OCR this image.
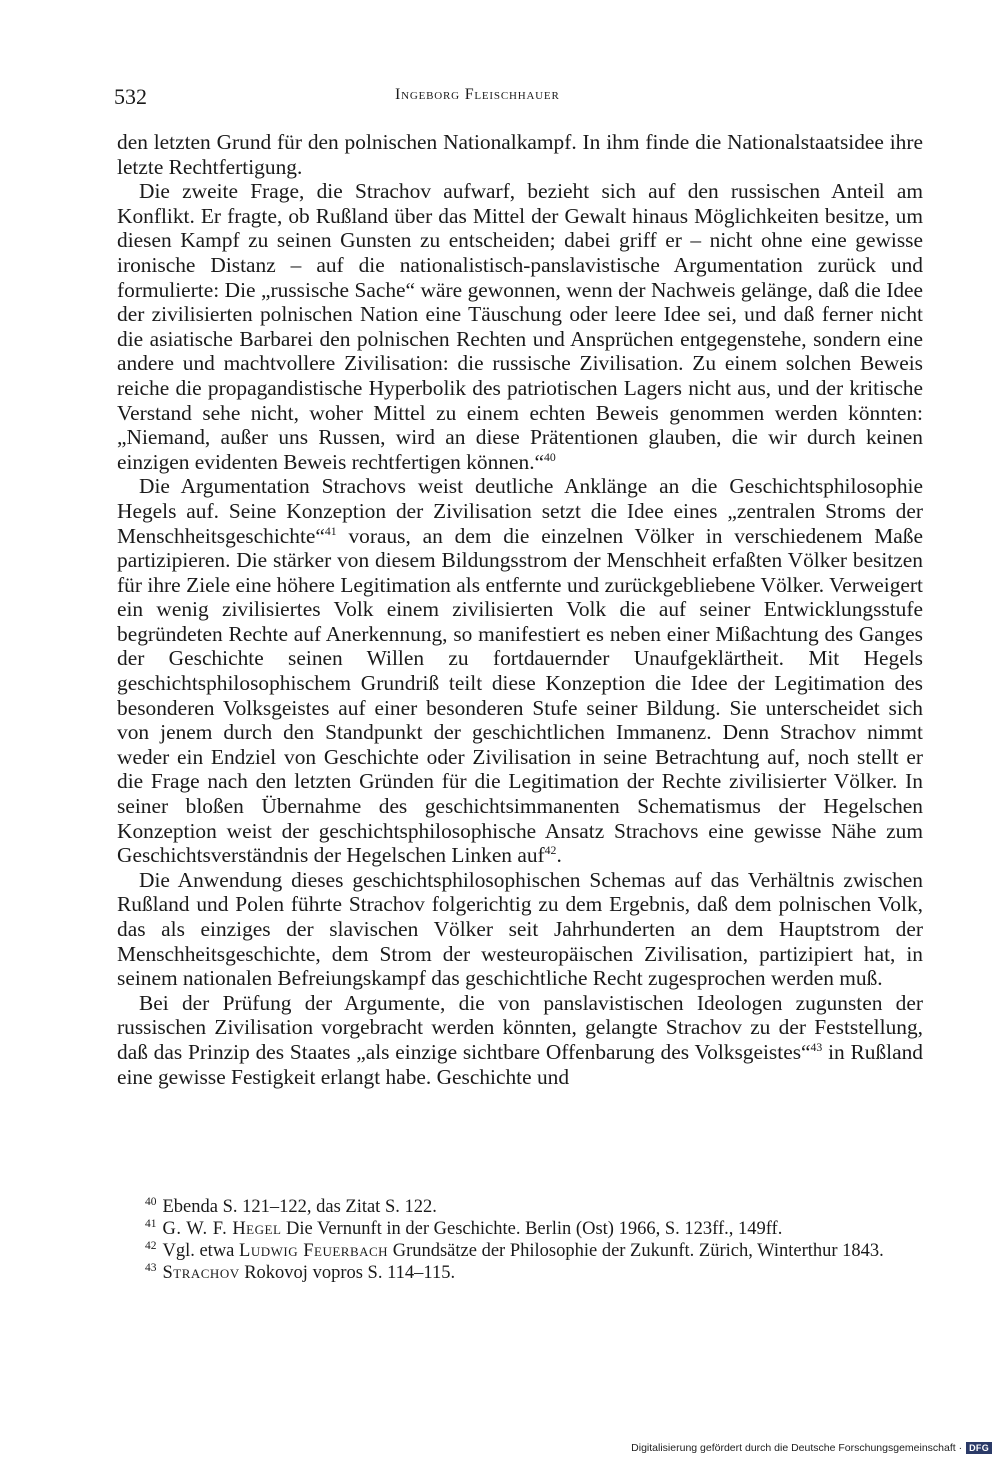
532	Ingeborg Fleischhauer

den letzten Grund für den polnischen Nationalkampf. In ihm finde die Nationalstaatsidee ihre letzte Rechtfertigung.

Die zweite Frage, die Strachov aufwarf, bezieht sich auf den russischen Anteil am Konflikt. Er fragte, ob Rußland über das Mittel der Gewalt hinaus Möglichkeiten besitze, um diesen Kampf zu seinen Gunsten zu entscheiden; dabei griff er – nicht ohne eine gewisse ironische Distanz – auf die nationalistisch-panslavistische Argumentation zurück und formulierte: Die „russische Sache“ wäre gewonnen, wenn der Nachweis gelänge, daß die Idee der zivilisierten polnischen Nation eine Täuschung oder leere Idee sei, und daß ferner nicht die asiatische Barbarei den polnischen Rechten und Ansprüchen entgegenstehe, sondern eine andere und machtvollere Zivilisation: die russische Zivilisation. Zu einem solchen Beweis reiche die propagandistische Hyperbolik des patriotischen Lagers nicht aus, und der kritische Verstand sehe nicht, woher Mittel zu einem echten Beweis genommen werden könnten: „Niemand, außer uns Russen, wird an diese Prätentionen glauben, die wir durch keinen einzigen evidenten Beweis rechtfertigen können.“$^{40}$

Die Argumentation Strachovs weist deutliche Anklänge an die Geschichtsphilosophie Hegels auf. Seine Konzeption der Zivilisation setzt die Idee eines „zentralen Stroms der Menschheitsgeschichte“$^{41}$ voraus, an dem die einzelnen Völker in verschiedenem Maße partizipieren. Die stärker von diesem Bildungsstrom der Menschheit erfaßten Völker besitzen für ihre Ziele eine höhere Legitimation als entfernte und zurückgebliebene Völker. Verweigert ein wenig zivilisiertes Volk einem zivilisierten Volk die auf seiner Entwicklungsstufe begründeten Rechte auf Anerkennung, so manifestiert es neben einer Mißachtung des Ganges der Geschichte seinen Willen zu fortdauernder Unaufgeklärtheit. Mit Hegels geschichtsphilosophischem Grundriß teilt diese Konzeption die Idee der Legitimation des besonderen Volksgeistes auf einer besonderen Stufe seiner Bildung. Sie unterscheidet sich von jenem durch den Standpunkt der geschichtlichen Immanenz. Denn Strachov nimmt weder ein Endziel von Geschichte oder Zivilisation in seine Betrachtung auf, noch stellt er die Frage nach den letzten Gründen für die Legitimation der Rechte zivilisierter Völker. In seiner bloßen Übernahme des geschichtsimmanenten Schematismus der Hegelschen Konzeption weist der geschichtsphilosophische Ansatz Strachovs eine gewisse Nähe zum Geschichtsverständnis der Hegelschen Linken auf$^{42}$.

Die Anwendung dieses geschichtsphilosophischen Schemas auf das Verhältnis zwischen Rußland und Polen führte Strachov folgerichtig zu dem Ergebnis, daß dem polnischen Volk, das als einziges der slavischen Völker seit Jahrhunderten an dem Hauptstrom der Menschheitsgeschichte, dem Strom der westeuropäischen Zivilisation, partizipiert hat, in seinem nationalen Befreiungskampf das geschichtliche Recht zugesprochen werden muß.

Bei der Prüfung der Argumente, die von panslavistischen Ideologen zugunsten der russischen Zivilisation vorgebracht werden könnten, gelangte Strachov zu der Feststellung, daß das Prinzip des Staates „als einzige sichtbare Offenbarung des Volksgeistes“$^{43}$ in Rußland eine gewisse Festigkeit erlangt habe. Geschichte und

$^{40}$ Ebenda S. 121–122, das Zitat S. 122.

$^{41}$ G. W. F. Hegel Die Vernunft in der Geschichte. Berlin (Ost) 1966, S. 123ff., 149ff.

$^{42}$ Vgl. etwa Ludwig Feuerbach Grundsätze der Philosophie der Zukunft. Zürich, Winterthur 1843.

$^{43}$ Strachov Rokovoj vopros S. 114–115.

Digitalisierung gefördert durch die Deutsche Forschungsgemeinschaft · DFG
